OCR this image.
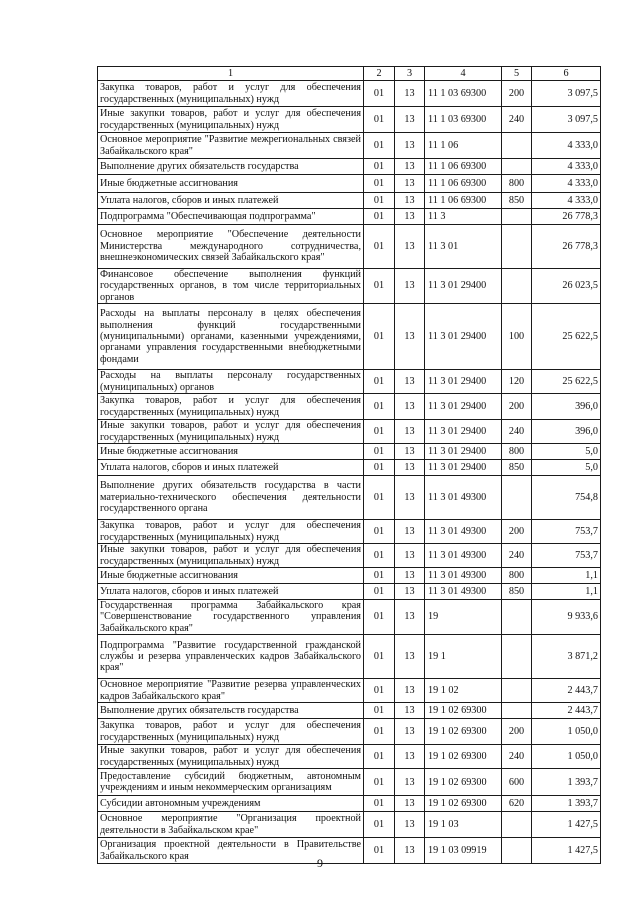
1	2	3	4	5	6
Закупка товаров, работ и услуг для обеспечения государственных (муниципальных) нужд	01	13	11 1 03 69300	200	3 097,5
Иные закупки товаров, работ и услуг для обеспечения государственных (муниципальных) нужд	01	13	11 1 03 69300	240	3 097,5
Основное мероприятие "Развитие межрегиональных связей Забайкальского края"	01	13	11 1 06		4 333,0
Выполнение других обязательств государства	01	13	11 1 06 69300		4 333,0
Иные бюджетные ассигнования	01	13	11 1 06 69300	800	4 333,0
Уплата налогов, сборов и иных платежей	01	13	11 1 06 69300	850	4 333,0
Подпрограмма "Обеспечивающая подпрограмма"	01	13	11 3		26 778,3
Основное мероприятие "Обеспечение деятельности Министерства международного сотрудничества, внешнеэкономических связей Забайкальского края"	01	13	11 3 01		26 778,3
Финансовое обеспечение выполнения функций государственных органов, в том числе территориальных органов	01	13	11 3 01 29400		26 023,5
Расходы на выплаты персоналу в целях обеспечения выполнения функций государственными (муниципальными) органами, казенными учреждениями, органами управления государственными внебюджетными фондами	01	13	11 3 01 29400	100	25 622,5
Расходы на выплаты персоналу государственных (муниципальных) органов	01	13	11 3 01 29400	120	25 622,5
Закупка товаров, работ и услуг для обеспечения государственных (муниципальных) нужд	01	13	11 3 01 29400	200	396,0
Иные закупки товаров, работ и услуг для обеспечения государственных (муниципальных) нужд	01	13	11 3 01 29400	240	396,0
Иные бюджетные ассигнования	01	13	11 3 01 29400	800	5,0
Уплата налогов, сборов и иных платежей	01	13	11 3 01 29400	850	5,0
Выполнение других обязательств государства в части материально-технического обеспечения деятельности государственного органа	01	13	11 3 01 49300		754,8
Закупка товаров, работ и услуг для обеспечения государственных (муниципальных) нужд	01	13	11 3 01 49300	200	753,7
Иные закупки товаров, работ и услуг для обеспечения государственных (муниципальных) нужд	01	13	11 3 01 49300	240	753,7
Иные бюджетные ассигнования	01	13	11 3 01 49300	800	1,1
Уплата налогов, сборов и иных платежей	01	13	11 3 01 49300	850	1,1
Государственная программа Забайкальского края "Совершенствование государственного управления Забайкальского края"	01	13	19		9 933,6
Подпрограмма "Развитие государственной гражданской службы и резерва управленческих кадров Забайкальского края"	01	13	19 1		3 871,2
Основное мероприятие "Развитие резерва управленческих кадров Забайкальского края"	01	13	19 1 02		2 443,7
Выполнение других обязательств государства	01	13	19 1 02 69300		2 443,7
Закупка товаров, работ и услуг для обеспечения государственных (муниципальных) нужд	01	13	19 1 02 69300	200	1 050,0
Иные закупки товаров, работ и услуг для обеспечения государственных (муниципальных) нужд	01	13	19 1 02 69300	240	1 050,0
Предоставление субсидий бюджетным, автономным учреждениям и иным некоммерческим организациям	01	13	19 1 02 69300	600	1 393,7
Субсидии автономным учреждениям	01	13	19 1 02 69300	620	1 393,7
Основное мероприятие "Организация проектной деятельности в Забайкальском крае"	01	13	19 1 03		1 427,5
Организация проектной деятельности в Правительстве Забайкальского края	01	13	19 1 03 09919		1 427,5
9
